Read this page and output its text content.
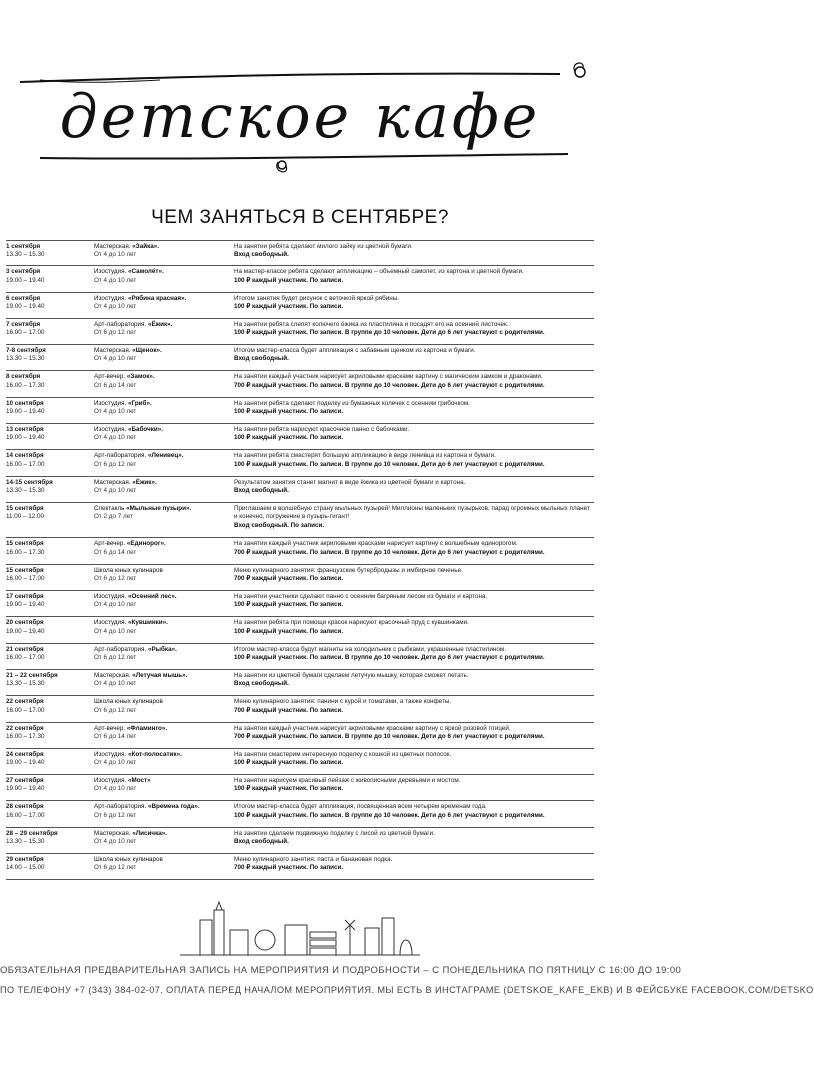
детское кафе
ЧЕМ ЗАНЯТЬСЯ В СЕНТЯБРЕ?
1 сентября
13.30 – 15.30
Мастерская. «Зайка».
От 4 до 10 лет
На занятии ребята сделают милого зайку из цветной бумаги.
Вход свободный.
3 сентября
19.00 – 19.40
Изостудия. «Самолёт».
От 4 до 10 лет
На мастер-классе ребята сделают аппликацию – объемный самолет, из картона и цветной бумаги.
100 ₽ каждый участник. По записи.
6 сентября
19.00 – 19.40
Изостудия. «Рябина красная».
От 4 до 10 лет
Итогом занятия будет рисунок с веточкой яркой рябины.
100 ₽ каждый участник. По записи.
7 сентября
16.00 – 17.00
Арт-лаборатория. «Ёжик».
От 6 до 12 лет
На занятии ребята слепят колючего ёжика из пластилина и посадят его на осенний листочек.
100 ₽ каждый участник. По записи. В группе до 10 человек. Дети до 6 лет участвуют с родителями.
7-8 сентября
13.30 – 15.30
Мастерская. «Щенок».
От 4 до 10 лет
Итогом мастер-класса будет аппликация с забавным щенком из картона и бумаги.
Вход свободный.
8 сентября
16.00 – 17.30
Арт-вечер. «Замок».
От 6 до 14 лет
На занятии каждый участник нарисует акриловыми красками картину с магическим замком и драконами.
700 ₽ каждый участник. По записи. В группе до 10 человек. Дети до 6 лет участвуют с родителями.
10 сентября
19.00 – 19.40
Изостудия. «Гриб».
От 4 до 10 лет
На занятии ребята сделают поделку из бумажных колечек с осенним грибочком.
100 ₽ каждый участник. По записи.
13 сентября
19.00 – 19.40
Изостудия. «Бабочки».
От 4 до 10 лет
На занятии ребята нарисуют красочное панно с бабочками.
100 ₽ каждый участник. По записи.
14 сентября
16.00 – 17.00
Арт-лаборатория. «Ленивец».
От 6 до 12 лет
На занятии ребята смастерят большую аппликацию в виде ленивца из картона и бумаги.
100 ₽ каждый участник. По записи. В группе до 10 человек. Дети до 6 лет участвуют с родителями.
14-15 сентября
13.30 – 15.30
Мастерская. «Ёжик».
От 4 до 10 лет
Результатом занятия станет магнит в виде ёжика из цветной бумаги и картона.
Вход свободный.
15 сентября
11.00 – 12.00
Спектакль «Мыльные пузыри».
От 2 до 7 лет
Приглашаем в волшебную страну мыльных пузырей! Миллионы маленьких пузырьков, парад огромных мыльных планет и конечно, погружение в пузырь-гигант!
Вход свободный. По записи.
15 сентября
16.00 – 17.30
Арт-вечер. «Единорог».
От 6 до 14 лет
На занятии каждый участник акриловыми красками нарисует картину с волшебным единорогом.
700 ₽ каждый участник. По записи. В группе до 10 человек. Дети до 6 лет участвуют с родителями.
15 сентября
16.00 – 17.00
Школа юных кулинаров
От 6 до 12 лет
Меню кулинарного занятия: французские бутербродызы и имбирное печенье.
700 ₽ каждый участник. По записи.
17 сентября
19.00 – 19.40
Изостудия. «Осенний лес».
От 4 до 10 лет
На занятии участники сделают панно с осенним багряным лесом из бумаги и картона.
100 ₽ каждый участник. По записи.
20 сентября
19.00 – 19.40
Изостудия. «Кувшинки».
От 4 до 10 лет
На занятии ребята при помощи красок нарисуют красочный пруд с кувшинками.
100 ₽ каждый участник. По записи.
21 сентября
16.00 – 17.00
Арт-лаборатория. «Рыбка».
От 6 до 12 лет
Итогом мастер-класса будут магниты на холодильник с рыбками, украшенные пластилином.
100 ₽ каждый участник. По записи. В группе до 10 человек. Дети до 6 лет участвуют с родителями.
21 – 22 сентября
13.30 – 15.30
Мастерская. «Летучая мышь».
От 4 до 10 лет
На занятии из цветной бумаги сделаем летучую мышку, которая сможет летать.
Вход свободный.
22 сентября
16.00 – 17.00
Школа юных кулинаров
От 6 до 12 лет
Меню кулинарного занятия: панини с курой и томатами, а также конфеты.
700 ₽ каждый участник. По записи.
22 сентября
16.00 – 17.30
Арт-вечер. «Фламинго».
От 6 до 14 лет
На занятии каждый участник нарисует акриловыми красками картину с яркой розовой птицей.
700 ₽ каждый участник. По записи. В группе до 10 человек. Дети до 6 лет участвуют с родителями.
24 сентября
19.00 – 19.40
Изостудия. «Кот-полосатик».
От 4 до 10 лет
На занятии смастерим интересную поделку с кошкой из цветных полосок.
100 ₽ каждый участник. По записи.
27 сентября
19.00 – 19.40
Изостудия. «Мост»
От 4 до 10 лет
На занятии нарисуем красивый пейзаж с живописными деревьями и мостом.
100 ₽ каждый участник. По записи.
28 сентября
16.00 – 17.00
Арт-лаборатория. «Времена года».
От 6 до 12 лет
Итогом мастер-класса будет аппликация, посвященная всем четырем временам года.
100 ₽ каждый участник. По записи. В группе до 10 человек. Дети до 6 лет участвуют с родителями.
28 – 29 сентября
13.30 – 15.30
Мастерская. «Лисичка».
От 4 до 10 лет
На занятии сделаем подвижную поделку с лисой из цветной бумаги.
Вход свободный.
29 сентября
14.00 – 15.00
Школа юных кулинаров
От 6 до 12 лет
Меню кулинарного занятия: паста и банановая лодка.
700 ₽ каждый участник. По записи.
ОБЯЗАТЕЛЬНАЯ ПРЕДВАРИТЕЛЬНАЯ ЗАПИСЬ НА МЕРОПРИЯТИЯ И ПОДРОБНОСТИ – С ПОНЕДЕЛЬНИКА ПО ПЯТНИЦУ С 16:00 ДО 19:00
ПО ТЕЛЕФОНУ +7 (343) 384-02-07. ОПЛАТА ПЕРЕД НАЧАЛОМ МЕРОПРИЯТИЯ. МЫ ЕСТЬ В ИНСТАГРАМЕ (DETSKOE_KAFE_EKB) И В ФЕЙСБУКЕ FACEBOOK.COM/DETSKO
